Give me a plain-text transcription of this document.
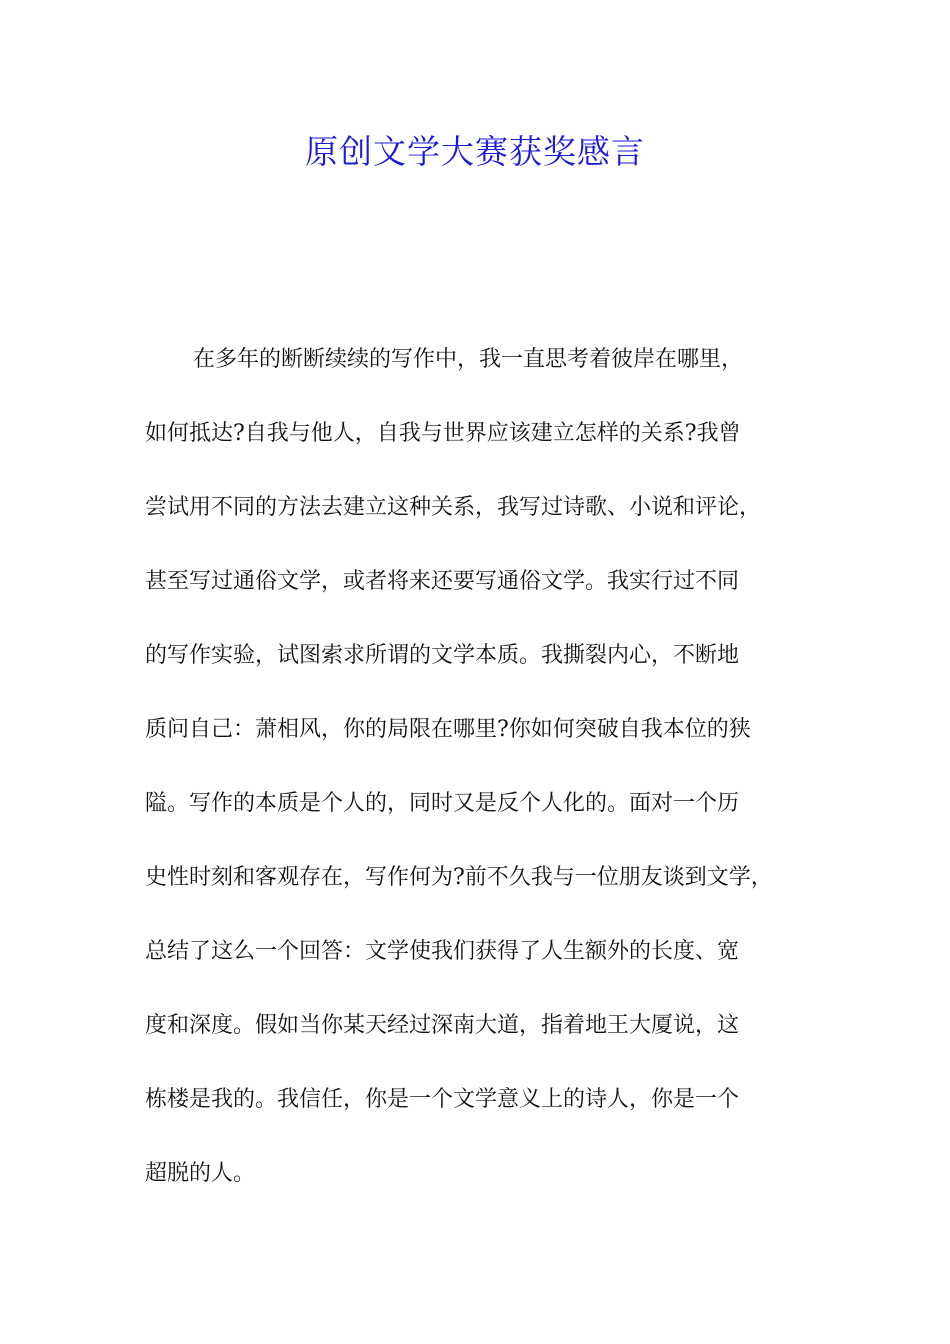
原创文学大赛获奖感言

在多年的断断续续的写作中，我一直思考着彼岸在哪里，

如何抵达?自我与他人，自我与世界应该建立怎样的关系?我曾

尝试用不同的方法去建立这种关系，我写过诗歌、小说和评论，

甚至写过通俗文学，或者将来还要写通俗文学。我实行过不同

的写作实验，试图索求所谓的文学本质。我撕裂内心，不断地

质问自己：萧相风，你的局限在哪里?你如何突破自我本位的狭

隘。写作的本质是个人的，同时又是反个人化的。面对一个历

史性时刻和客观存在，写作何为?前不久我与一位朋友谈到文学，

总结了这么一个回答：文学使我们获得了人生额外的长度、宽

度和深度。假如当你某天经过深南大道，指着地王大厦说，这

栋楼是我的。我信任，你是一个文学意义上的诗人，你是一个

超脱的人。
